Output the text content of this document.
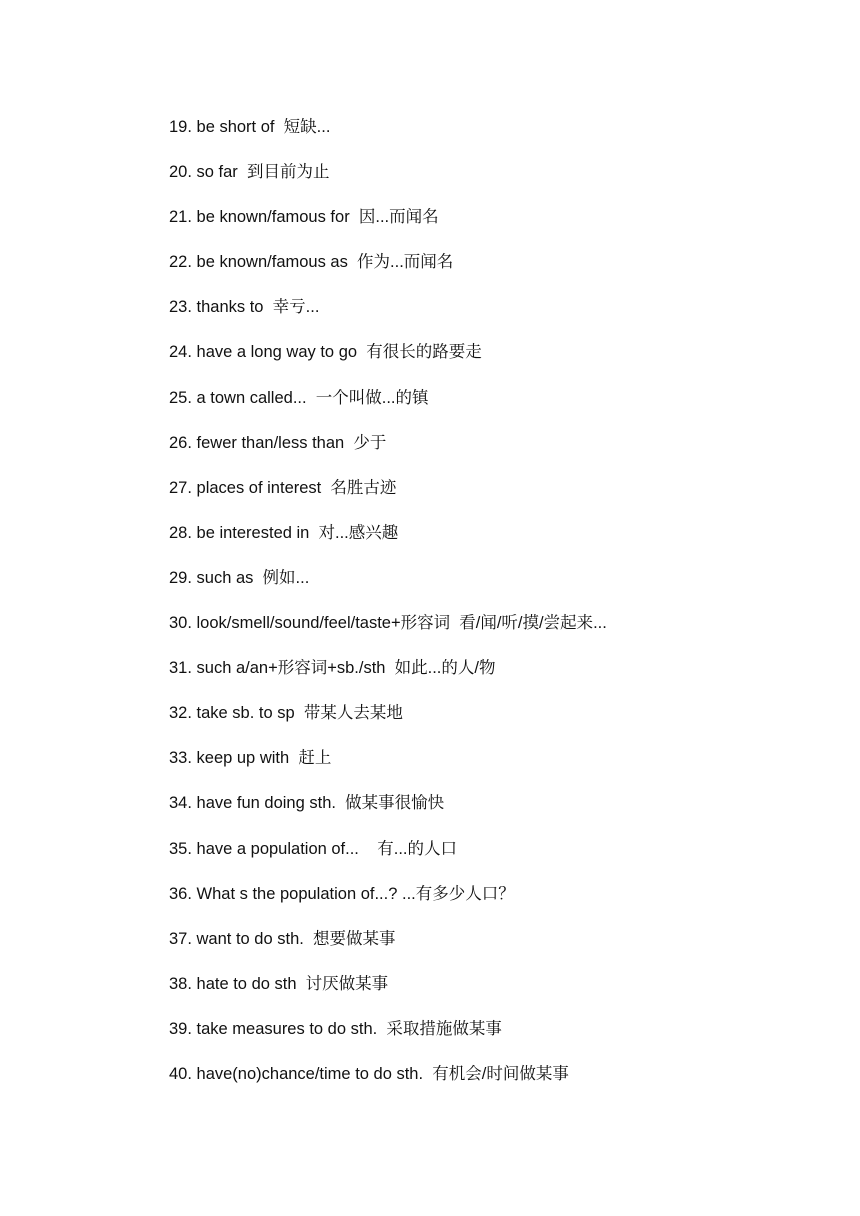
19. be short of  短缺...
20. so far  到目前为止
21. be known/famous for  因...而闻名
22. be known/famous as  作为...而闻名
23. thanks to  幸亏...
24. have a long way to go  有很长的路要走
25. a town called...  一个叫做...的镇
26. fewer than/less than  少于
27. places of interest  名胜古迹
28. be interested in  对...感兴趣
29. such as  例如...
30. look/smell/sound/feel/taste+形容词  看/闻/听/摸/尝起来...
31. such a/an+形容词+sb./sth  如此...的人/物
32. take sb. to sp  带某人去某地
33. keep up with  赶上
34. have fun doing sth.  做某事很愉快
35. have a population of...    有...的人口
36. What s the population of...? ...有多少人口？
37. want to do sth.  想要做某事
38. hate to do sth  讨厌做某事
39. take measures to do sth.  采取措施做某事
40. have(no)chance/time to do sth.  有机会/时间做某事
